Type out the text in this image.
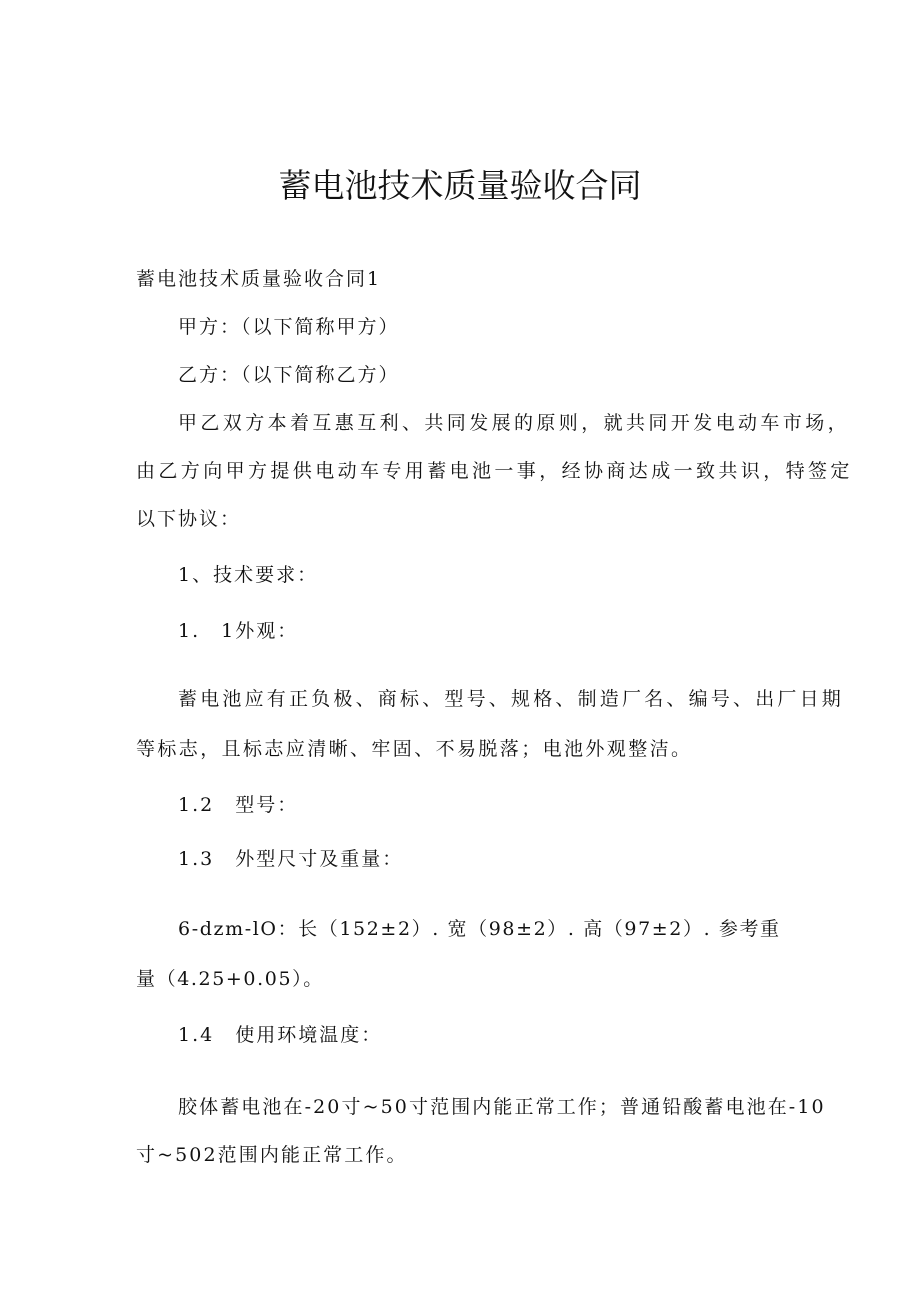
蓄电池技术质量验收合同
蓄电池技术质量验收合同1
甲方：（以下简称甲方）
乙方：（以下简称乙方）
甲乙双方本着互惠互利、共同发展的原则，就共同开发电动车市场，
由乙方向甲方提供电动车专用蓄电池一事，经协商达成一致共识，特签定
以下协议：
1、技术要求：
1.　1外观：
蓄电池应有正负极、商标、型号、规格、制造厂名、编号、出厂日期
等标志，且标志应清晰、牢固、不易脱落；电池外观整洁。
1.2　型号：
1.3　外型尺寸及重量：
6-dzm-lO：长（152±2）. 宽（98±2）. 高（97±2）. 参考重
量（4.25+0.05）。
1.4　使用环境温度：
胶体蓄电池在-20寸~50寸范围内能正常工作；普通铅酸蓄电池在-10
寸~502范围内能正常工作。
